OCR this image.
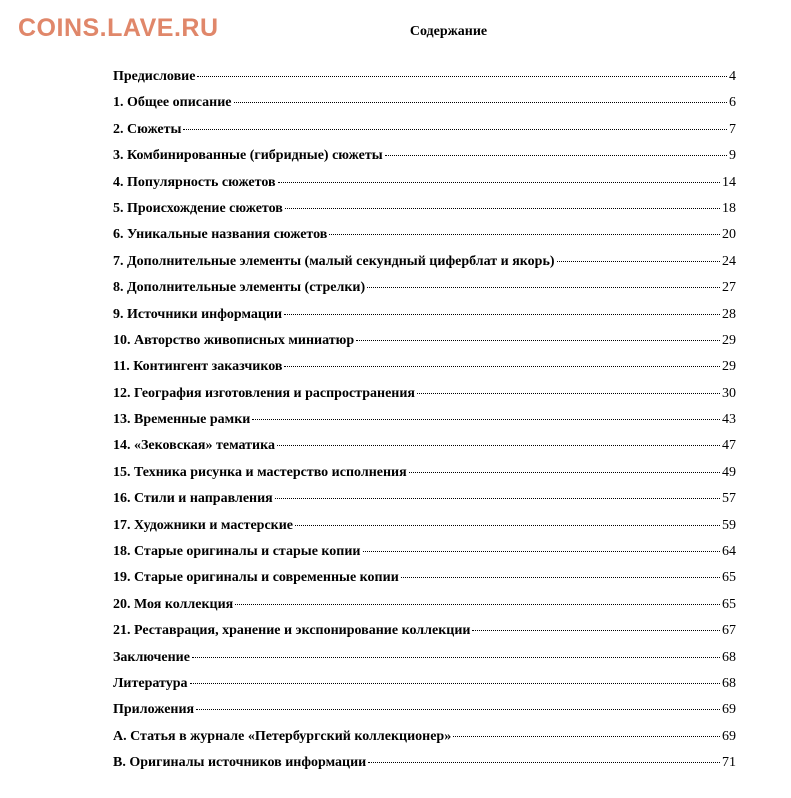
COINS.LAVE.RU	Содержание
Предисловие	4
1. Общее описание	6
2. Сюжеты	7
3. Комбинированные (гибридные) сюжеты	9
4. Популярность сюжетов	14
5. Происхождение сюжетов	18
6. Уникальные названия сюжетов	20
7. Дополнительные элементы (малый секундный циферблат и якорь)	24
8. Дополнительные элементы (стрелки)	27
9. Источники информации	28
10. Авторство живописных миниатюр	29
11. Контингент заказчиков	29
12. География изготовления и распространения	30
13. Временные рамки	43
14. «Зековская» тематика	47
15. Техника рисунка и мастерство исполнения	49
16. Стили и направления	57
17. Художники и мастерские	59
18. Старые оригиналы и старые копии	64
19. Старые оригиналы и современные копии	65
20. Моя коллекция	65
21. Реставрация, хранение и экспонирование коллекции	67
Заключение	68
Литература	68
Приложения	69
A. Статья в журнале «Петербургский коллекционер»	69
B. Оригиналы источников информации	71
